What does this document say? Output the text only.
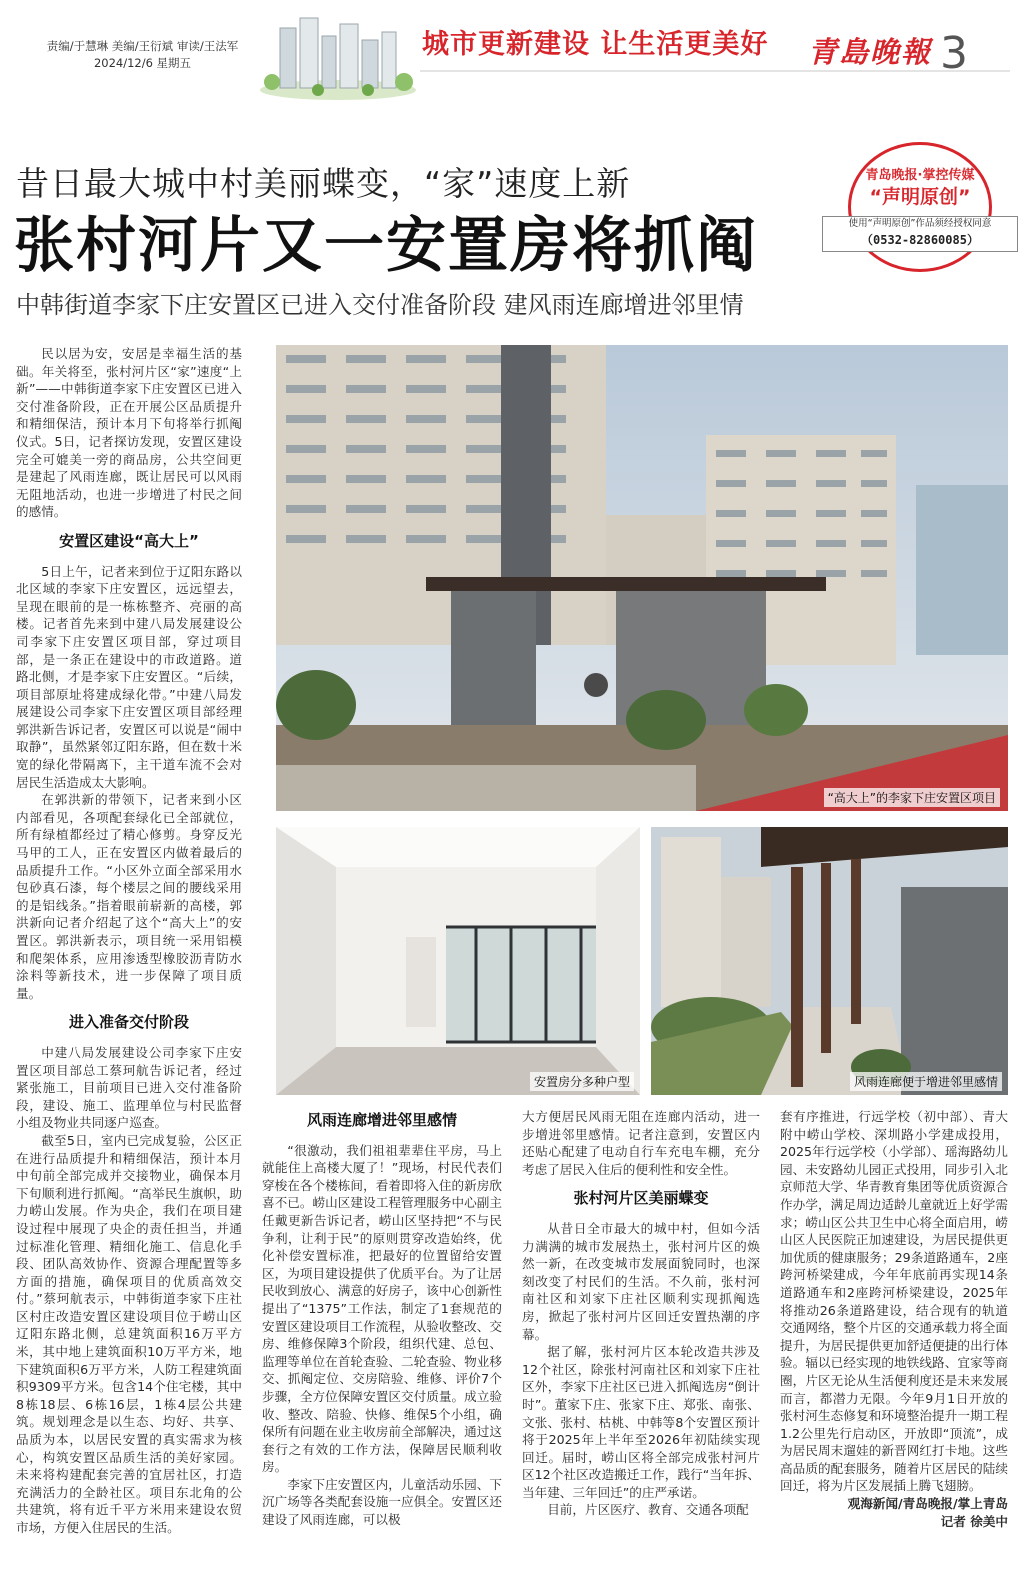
责编/于慧琳 美编/王衍斌 审读/王法军
2024/12/6 星期五
城市更新建设 让生活更美好 青島晚報 3
昔日最大城中村美丽蝶变，“家”速度上新
张村河片又一安置房将抓阄
中韩街道李家下庄安置区已进入交付准备阶段 建风雨连廊增进邻里情
青岛晚报·掌控传媒
“声明原创”
使用“声明原创”作品须经授权同意
（0532-82860085）
“高大上”的李家下庄安置区项目
安置房分多种户型	风雨连廊便于增进邻里感情

民以居为安，安居是幸福生活的基础。年关将至，张村河片区“家”速度“上新”——中韩街道李家下庄安置区已进入交付准备阶段，正在开展公区品质提升和精细保洁，预计本月下旬将举行抓阄仪式。5日，记者探访发现，安置区建设完全可媲美一旁的商品房，公共空间更是建起了风雨连廊，既让居民可以风雨无阻地活动，也进一步增进了村民之间的感情。

安置区建设“高大上”

5日上午，记者来到位于辽阳东路以北区域的李家下庄安置区，远远望去，呈现在眼前的是一栋栋整齐、亮丽的高楼。记者首先来到中建八局发展建设公司李家下庄安置区项目部，穿过项目部，是一条正在建设中的市政道路。道路北侧，才是李家下庄安置区。“后续，项目部原址将建成绿化带。”中建八局发展建设公司李家下庄安置区项目部经理郭洪新告诉记者，安置区可以说是“闹中取静”，虽然紧邻辽阳东路，但在数十米宽的绿化带隔离下，主干道车流不会对居民生活造成太大影响。

在郭洪新的带领下，记者来到小区内部看见，各项配套绿化已全部就位，所有绿植都经过了精心修剪。身穿反光马甲的工人，正在安置区内做着最后的品质提升工作。“小区外立面全部采用水包砂真石漆，每个楼层之间的腰线采用的是铝线条。”指着眼前崭新的高楼，郭洪新向记者介绍起了这个“高大上”的安置区。郭洪新表示，项目统一采用铝模和爬架体系，应用渗透型橡胶沥青防水涂料等新技术，进一步保障了项目质量。

进入准备交付阶段

中建八局发展建设公司李家下庄安置区项目部总工蔡珂航告诉记者，经过紧张施工，目前项目已进入交付准备阶段，建设、施工、监理单位与村民监督小组及物业共同逐户巡查。

截至5日，室内已完成复验，公区正在进行品质提升和精细保洁，预计本月中旬前全部完成并交接物业，确保本月下旬顺利进行抓阄。“高举民生旗帜，助力崂山发展。作为央企，我们在项目建设过程中展现了央企的责任担当，并通过标准化管理、精细化施工、信息化手段、团队高效协作、资源合理配置等多方面的措施，确保项目的优质高效交付。”蔡珂航表示，中韩街道李家下庄社区村庄改造安置区建设项目位于崂山区辽阳东路北侧，总建筑面积16万平方米，其中地上建筑面积10万平方米，地下建筑面积6万平方米，人防工程建筑面积9309平方米。包含14个住宅楼，其中8栋18层、6栋16层，1栋4层公共建筑。规划理念是以生态、均好、共享、品质为本，以居民安置的真实需求为核心，构筑安置区品质生活的美好家园。未来将构建配套完善的宜居社区，打造充满活力的全龄社区。项目东北角的公共建筑，将有近千平方米用来建设农贸市场，方便入住居民的生活。

风雨连廊增进邻里感情

“很激动，我们祖祖辈辈住平房，马上就能住上高楼大厦了！”现场，村民代表们穿梭在各个楼栋间，看着即将入住的新房欣喜不已。崂山区建设工程管理服务中心副主任戴更新告诉记者，崂山区坚持把“不与民争利，让利于民”的原则贯穿改造始终，优化补偿安置标准，把最好的位置留给安置区，为项目建设提供了优质平台。为了让居民收到放心、满意的好房子，该中心创新性提出了“1375”工作法，制定了1套规范的安置区建设项目工作流程，从验收整改、交房、维修保障3个阶段，组织代建、总包、监理等单位在首轮查验、二轮查验、物业移交、抓阄定位、交房陪验、维修、评价7个步骤，全方位保障安置区交付质量。成立验收、整改、陪验、快修、维保5个小组，确保所有问题在业主收房前全部解决，通过这套行之有效的工作方法，保障居民顺利收房。

李家下庄安置区内，儿童活动乐园、下沉广场等各类配套设施一应俱全。安置区还建设了风雨连廊，可以极

大方便居民风雨无阻在连廊内活动，进一步增进邻里感情。记者注意到，安置区内还贴心配建了电动自行车充电车棚，充分考虑了居民入住后的便利性和安全性。

张村河片区美丽蝶变

从昔日全市最大的城中村，但如今活力满满的城市发展热土，张村河片区的焕然一新，在改变城市发展面貌同时，也深刻改变了村民们的生活。不久前，张村河南社区和刘家下庄社区顺利实现抓阄选房，掀起了张村河片区回迁安置热潮的序幕。

据了解，张村河片区本轮改造共涉及12个社区，除张村河南社区和刘家下庄社区外，李家下庄社区已进入抓阄选房“倒计时”。董家下庄、张家下庄、郑张、南张、文张、张村、枯桃、中韩等8个安置区预计将于2025年上半年至2026年初陆续实现回迁。届时，崂山区将全部完成张村河片区12个社区改造搬迁工作，践行“当年拆、当年建、三年回迁”的庄严承诺。

目前，片区医疗、教育、交通各项配

套有序推进，行远学校（初中部）、青大附中崂山学校、深圳路小学建成投用，2025年行远学校（小学部）、瑶海路幼儿园、未安路幼儿园正式投用，同步引入北京师范大学、华青教育集团等优质资源合作办学，满足周边适龄儿童就近上好学需求；崂山区公共卫生中心将全面启用，崂山区人民医院正加速建设，为居民提供更加优质的健康服务；29条道路通车，2座跨河桥梁建成，今年年底前再实现14条道路通车和2座跨河桥梁建设，2025年将推动26条道路建设，结合现有的轨道交通网络，整个片区的交通承载力将全面提升，为居民提供更加舒适便捷的出行体验。辐以已经实现的地铁线路、宜家等商圈，片区无论从生活便利度还是未来发展而言，都潜力无限。今年9月1日开放的张村河生态修复和环境整治提升一期工程1.2公里先行启动区，开放即“顶流”，成为居民周末遛娃的新晋网红打卡地。这些高品质的配套服务，随着片区居民的陆续回迁，将为片区发展插上腾飞翅膀。

观海新闻/青岛晚报/掌上青岛

记者 徐美中
